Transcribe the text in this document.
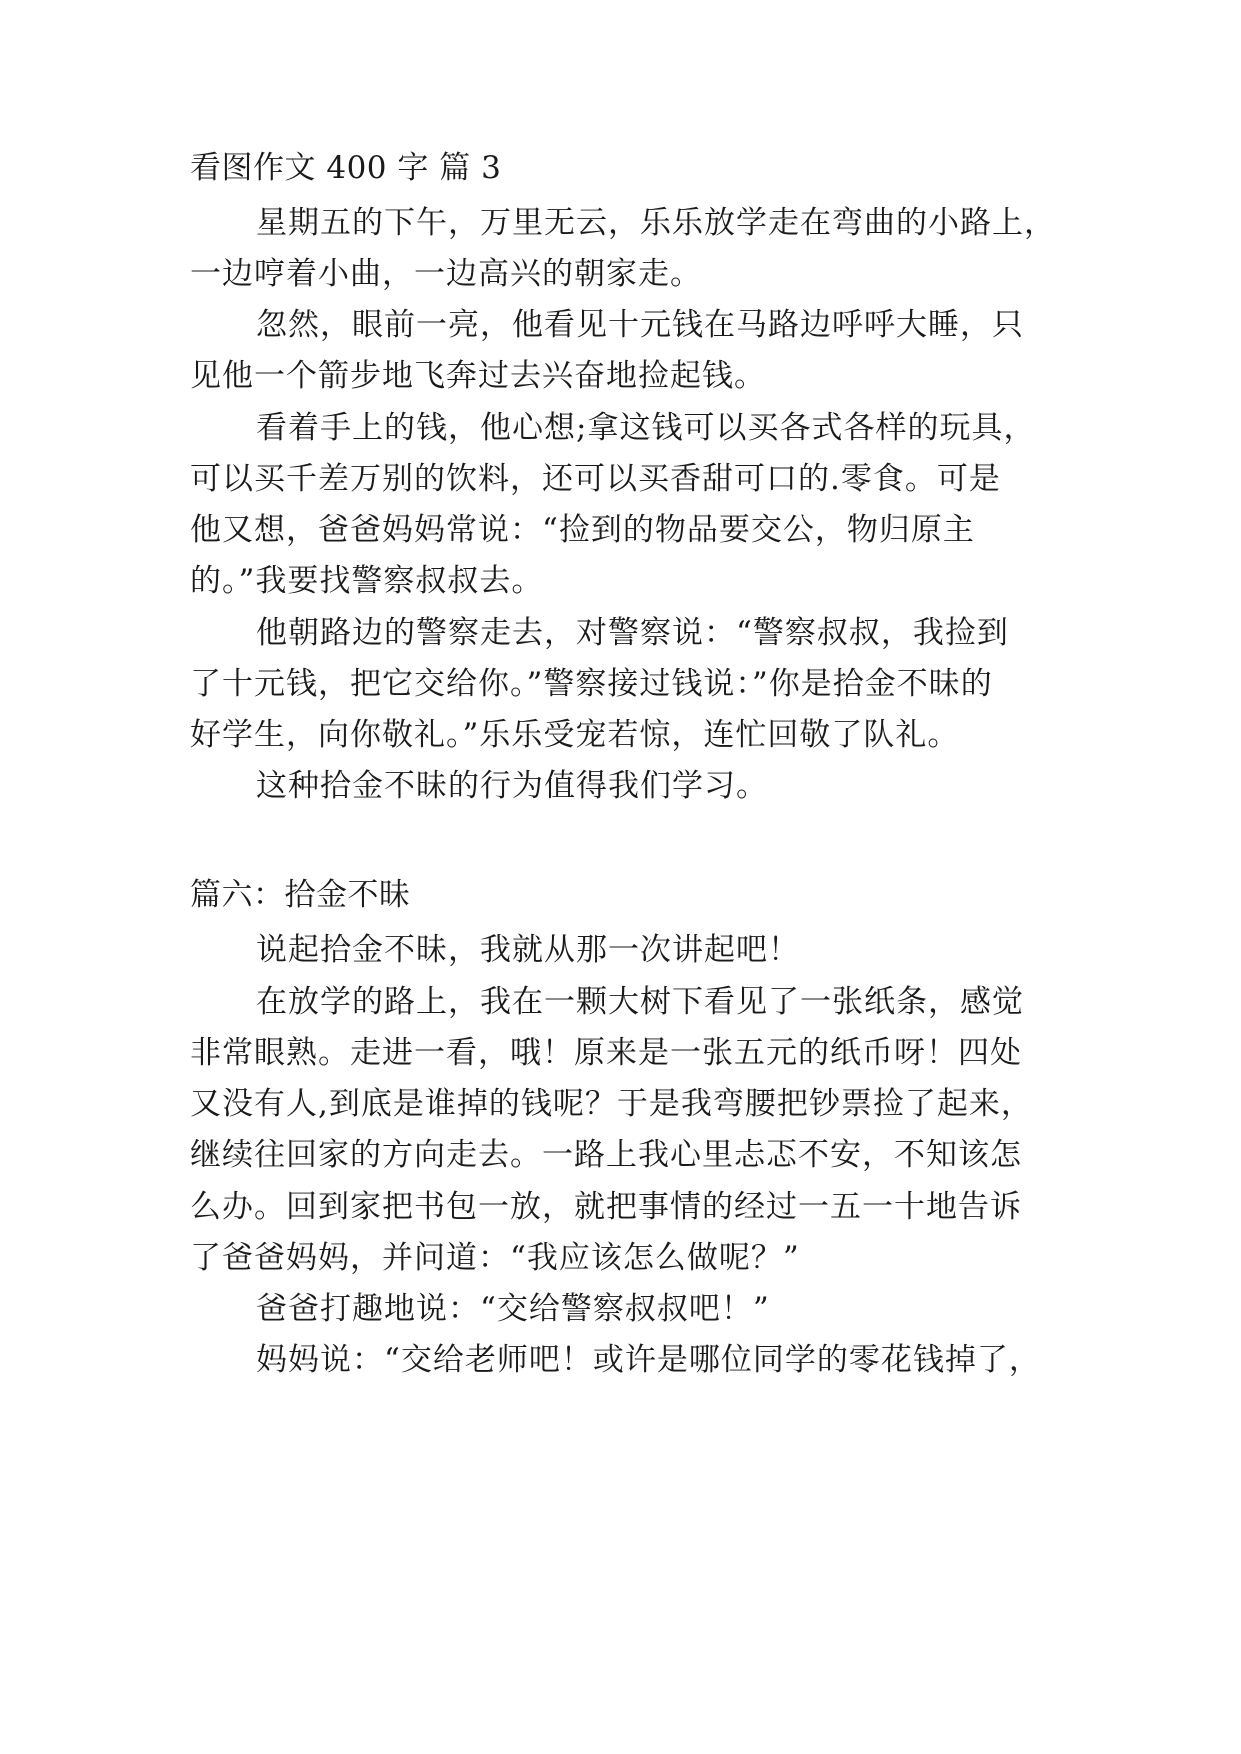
看图作文 400 字 篇 3
星期五的下午，万里无云，乐乐放学走在弯曲的小路上，
一边哼着小曲，一边高兴的朝家走。
忽然，眼前一亮，他看见十元钱在马路边呼呼大睡，只
见他一个箭步地飞奔过去兴奋地捡起钱。
看着手上的钱，他心想;拿这钱可以买各式各样的玩具，
可以买千差万别的饮料，还可以买香甜可口的.零食。可是
他又想，爸爸妈妈常说：“捡到的物品要交公，物归原主
的。”我要找警察叔叔去。
他朝路边的警察走去，对警察说：“警察叔叔，我捡到
了十元钱，把它交给你。”警察接过钱说：”你是拾金不昧的
好学生，向你敬礼。”乐乐受宠若惊，连忙回敬了队礼。
这种拾金不昧的行为值得我们学习。
篇六：拾金不昧
说起拾金不昧，我就从那一次讲起吧！
在放学的路上，我在一颗大树下看见了一张纸条，感觉
非常眼熟。走进一看，哦！原来是一张五元的纸币呀！四处
又没有人,到底是谁掉的钱呢？于是我弯腰把钞票捡了起来，
继续往回家的方向走去。一路上我心里忐忑不安，不知该怎
么办。回到家把书包一放，就把事情的经过一五一十地告诉
了爸爸妈妈，并问道：“我应该怎么做呢？”
爸爸打趣地说：“交给警察叔叔吧！”
妈妈说：“交给老师吧！或许是哪位同学的零花钱掉了，
